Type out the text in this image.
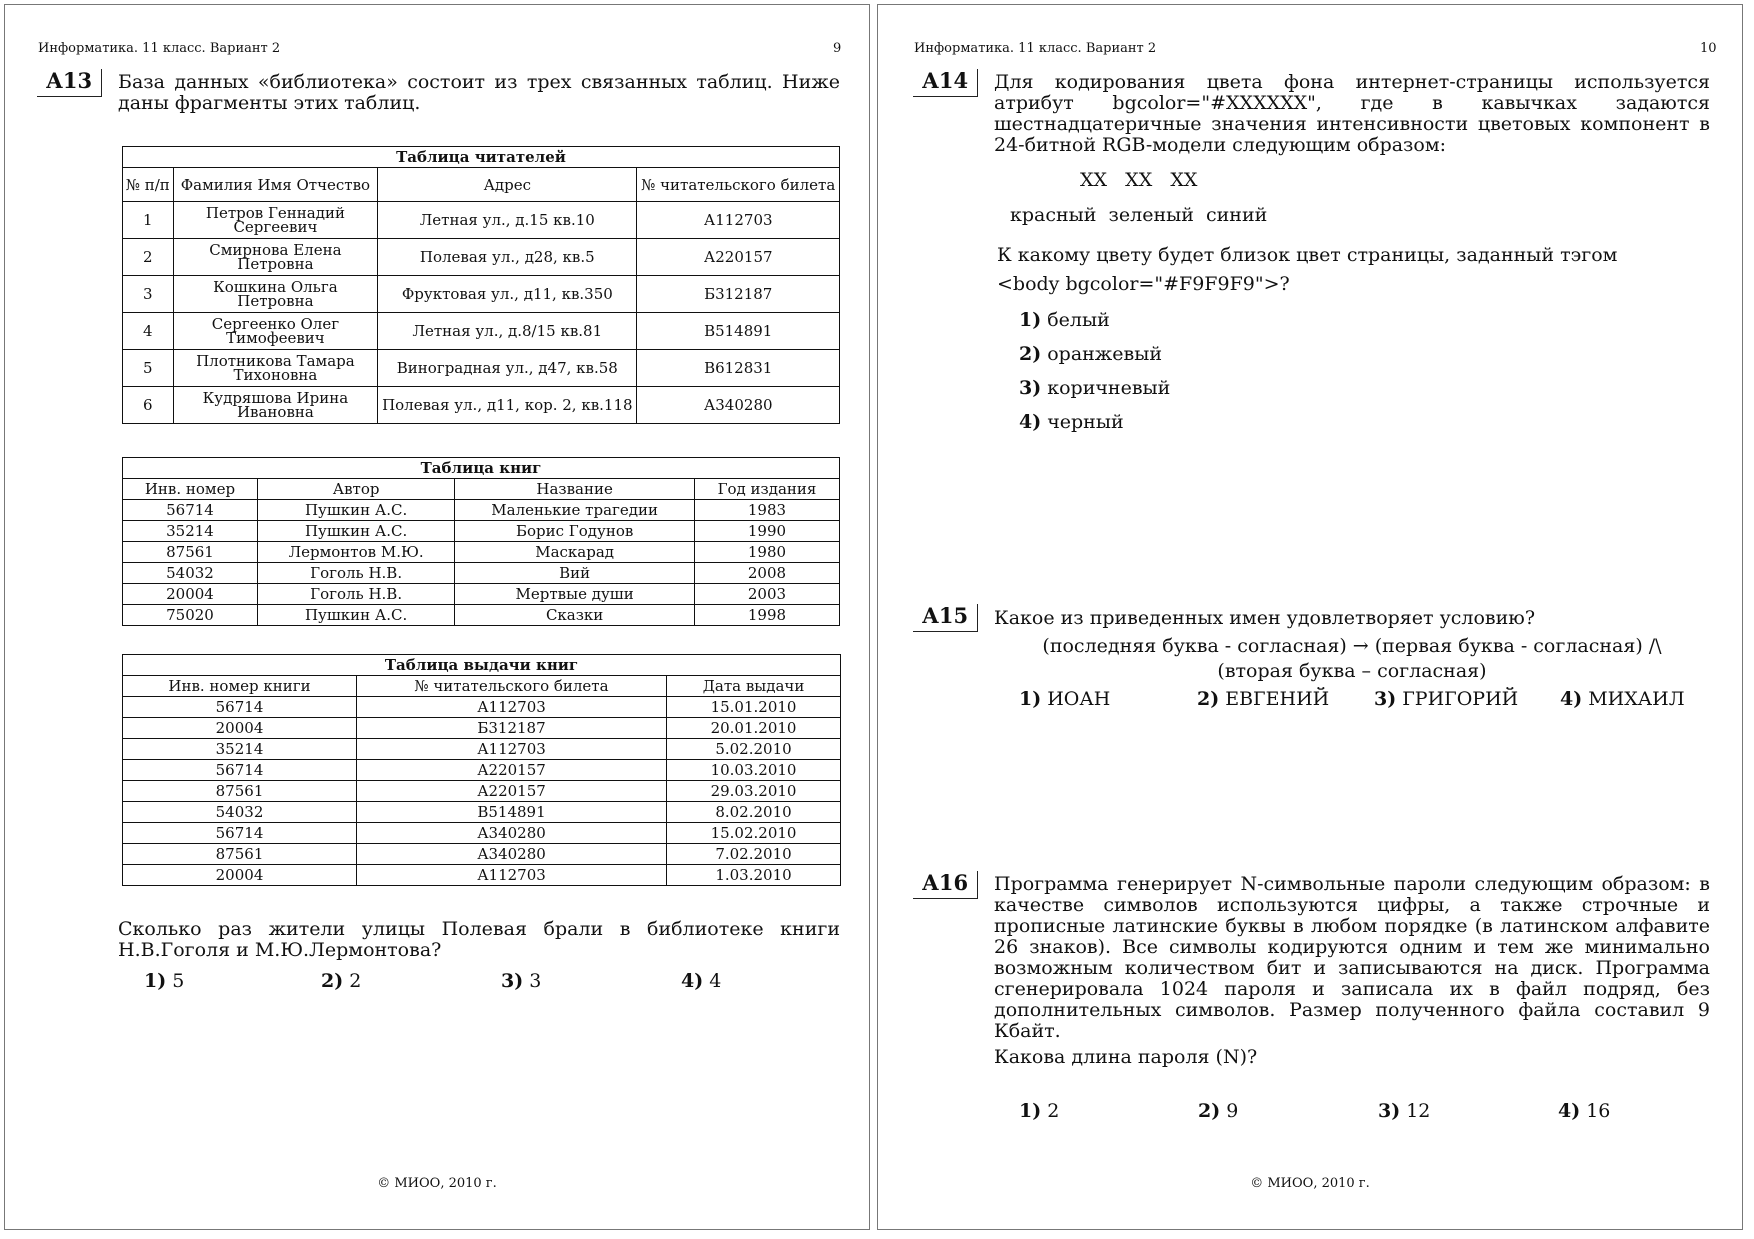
Информатика. 11 класс. Вариант 2	9
А13	База данных «библиотека» состоит из трех связанных таблиц. Ниже даны фрагменты этих таблиц.
Таблица читателей			
№ п/п	Фамилия Имя Отчество	Адрес	№ читательского билета
1	Петров Геннадий Сергеевич	Летная ул., д.15 кв.10	А112703
2	Смирнова Елена Петровна	Полевая ул., д28, кв.5	А220157
3	Кошкина Ольга Петровна	Фруктовая ул., д11, кв.350	Б312187
4	Сергеенко Олег Тимофеевич	Летная ул., д.8/15 кв.81	В514891
5	Плотникова Тамара Тихоновна	Виноградная ул., д47, кв.58	В612831
6	Кудряшова Ирина Ивановна	Полевая ул., д11, кор. 2, кв.118	А340280
Таблица книг			
Инв. номер	Автор	Название	Год издания
56714	Пушкин А.С.	Маленькие трагедии	1983
35214	Пушкин А.С.	Борис Годунов	1990
87561	Лермонтов М.Ю.	Маскарад	1980
54032	Гоголь Н.В.	Вий	2008
20004	Гоголь Н.В.	Мертвые души	2003
75020	Пушкин А.С.	Сказки	1998
Таблица выдачи книг		
Инв. номер книги	№ читательского билета	Дата выдачи
56714	А112703	15.01.2010
20004	Б312187	20.01.2010
35214	А112703	5.02.2010
56714	А220157	10.03.2010
87561	А220157	29.03.2010
54032	В514891	8.02.2010
56714	А340280	15.02.2010
87561	А340280	7.02.2010
20004	А112703	1.03.2010
Сколько раз жители улицы Полевая брали в библиотеке книги Н.В.Гоголя и М.Ю.Лермонтова?
1) 5	2) 2	3) 3	4) 4
© МИОО, 2010 г.
Информатика. 11 класс. Вариант 2	10
А14	Для кодирования цвета фона интернет-страницы используется атрибут bgcolor="#XXXXXX", где в кавычках задаются шестнадцатеричные значения интенсивности цветовых компонент в 24-битной RGB-модели следующим образом:
XX   XX   XX
красный  зеленый  синий
К какому цвету будет близок цвет страницы, заданный тэгом
<body bgcolor="#F9F9F9">?
1) белый
2) оранжевый
3) коричневый
4) черный
А15	Какое из приведенных имен удовлетворяет условию?
(последняя буква - согласная) → (первая буква - согласная) /\
(вторая буква – согласная)
1) ИОАН	2) ЕВГЕНИЙ 3) ГРИГОРИЙ 4) МИХАИЛ
А16	Программа генерирует N-символьные пароли следующим образом: в качестве символов используются цифры, а также строчные и прописные латинские буквы в любом порядке (в латинском алфавите 26 знаков). Все символы кодируются одним и тем же минимально возможным количеством бит и записываются на диск. Программа сгенерировала 1024 пароля и записала их в файл подряд, без дополнительных символов. Размер полученного файла составил 9 Кбайт.
Какова длина пароля (N)?
1) 2	2) 9	3) 12	4) 16
© МИОО, 2010 г.
